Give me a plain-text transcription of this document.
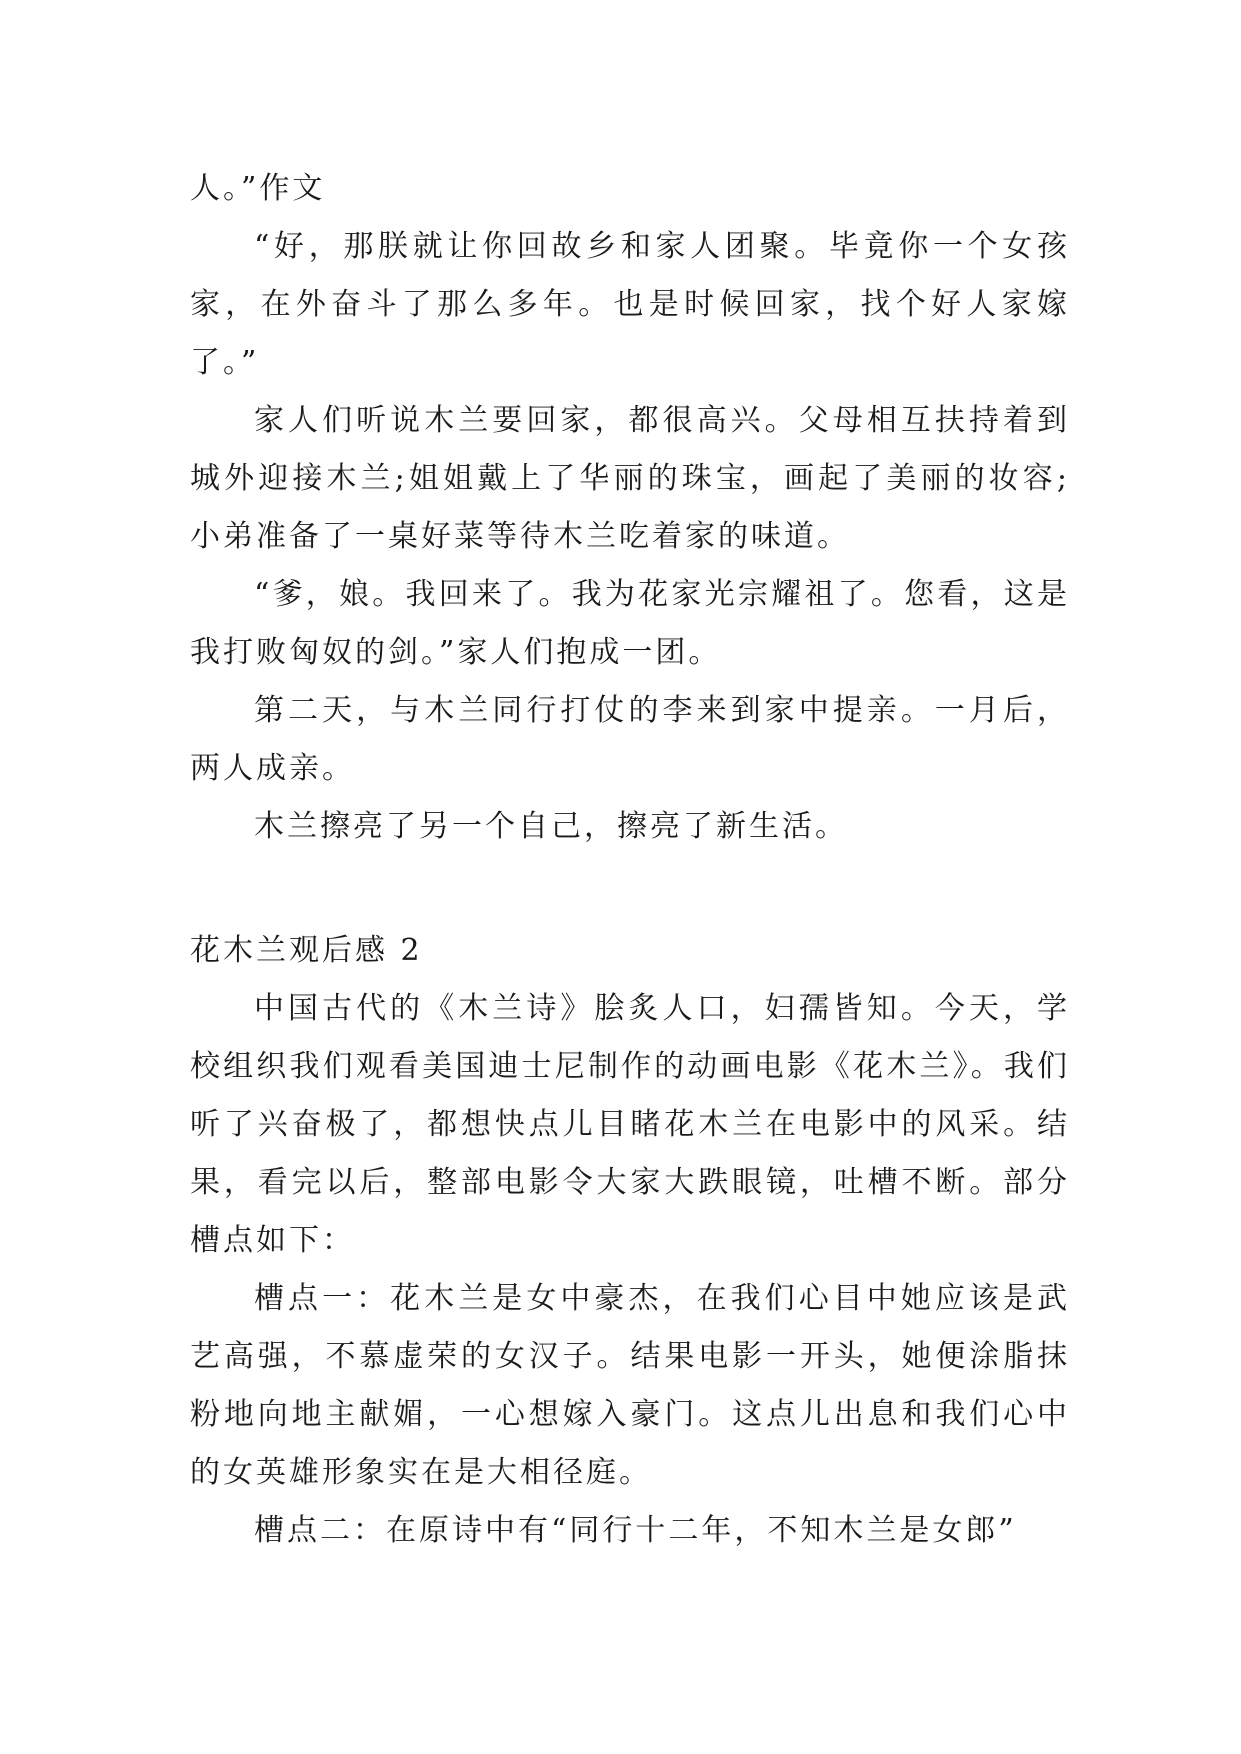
人。”作文

“好，那朕就让你回故乡和家人团聚。毕竟你一个女孩家，在外奋斗了那么多年。也是时候回家，找个好人家嫁了。”

家人们听说木兰要回家，都很高兴。父母相互扶持着到城外迎接木兰;姐姐戴上了华丽的珠宝，画起了美丽的妆容;小弟准备了一桌好菜等待木兰吃着家的味道。

“爹，娘。我回来了。我为花家光宗耀祖了。您看，这是我打败匈奴的剑。”家人们抱成一团。

第二天，与木兰同行打仗的李来到家中提亲。一月后，两人成亲。

木兰擦亮了另一个自己，擦亮了新生活。

花木兰观后感 2

中国古代的《木兰诗》脍炙人口，妇孺皆知。今天，学校组织我们观看美国迪士尼制作的动画电影《花木兰》。我们听了兴奋极了，都想快点儿目睹花木兰在电影中的风采。结果，看完以后，整部电影令大家大跌眼镜，吐槽不断。部分槽点如下：

槽点一：花木兰是女中豪杰，在我们心目中她应该是武艺高强，不慕虚荣的女汉子。结果电影一开头，她便涂脂抹粉地向地主献媚，一心想嫁入豪门。这点儿出息和我们心中的女英雄形象实在是大相径庭。

槽点二：在原诗中有“同行十二年，不知木兰是女郎”
